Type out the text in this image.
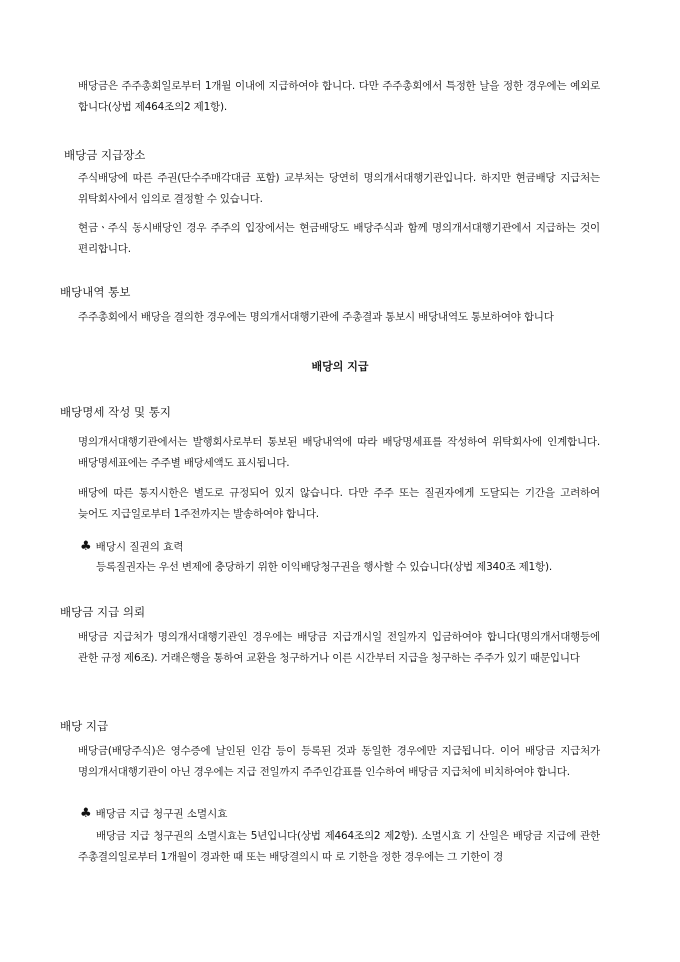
배당금은 주주총회일로부터 1개월 이내에 지급하여야 합니다. 다만 주주총회에서 특정한 날을 정한 경우에는 예외로 합니다(상법 제464조의2 제1항).

배당금 지급장소

주식배당에 따른 주권(단수주매각대금 포함) 교부처는 당연히 명의개서대행기관입니다. 하지만 현금배당 지급처는 위탁회사에서 임의로 결정할 수 있습니다.

현금ㆍ주식 동시배당인 경우 주주의 입장에서는 현금배당도 배당주식과 함께 명의개서대행기관에서 지급하는 것이 편리합니다.

배당내역 통보

주주총회에서 배당을 결의한 경우에는 명의개서대행기관에 주총결과 통보시 배당내역도 통보하여야 합니다

배당의 지급
배당명세 작성 및 통지

명의개서대행기관에서는 발행회사로부터 통보된 배당내역에 따라 배당명세표를 작성하여 위탁회사에 인계합니다. 배당명세표에는 주주별 배당세액도 표시됩니다.

배당에 따른 통지시한은 별도로 규정되어 있지 않습니다. 다만 주주 또는 질권자에게 도달되는 기간을 고려하여 늦어도 지급일로부터 1주전까지는 발송하여야 합니다.

♣ 배당시 질권의 효력

등록질권자는 우선 변제에 충당하기 위한 이익배당청구권을 행사할 수 있습니다(상법 제340조 제1항).

배당금 지급 의뢰

배당금 지급처가 명의개서대행기관인 경우에는 배당금 지급개시일 전일까지 입금하여야 합니다(명의개서대행등에 관한 규정 제6조). 거래은행을 통하여 교환을 청구하거나 이른 시간부터 지급을 청구하는 주주가 있기 때문입니다

배당 지급

배당금(배당주식)은 영수증에 날인된 인감 등이 등록된 것과 동일한 경우에만 지급됩니다. 이어 배당금 지급처가 명의개서대행기관이 아닌 경우에는 지급 전일까지 주주인감표를 인수하여 배당금 지급처에 비치하여야 합니다.

♣ 배당금 지급 청구권 소멸시효

배당금 지급 청구권의 소멸시효는 5년입니다(상법 제464조의2 제2항). 소멸시효 기 산일은 배당금 지급에 관한 주총결의일로부터 1개월이 경과한 때 또는 배당결의시 따 로 기한을 정한 경우에는 그 기한이 경
